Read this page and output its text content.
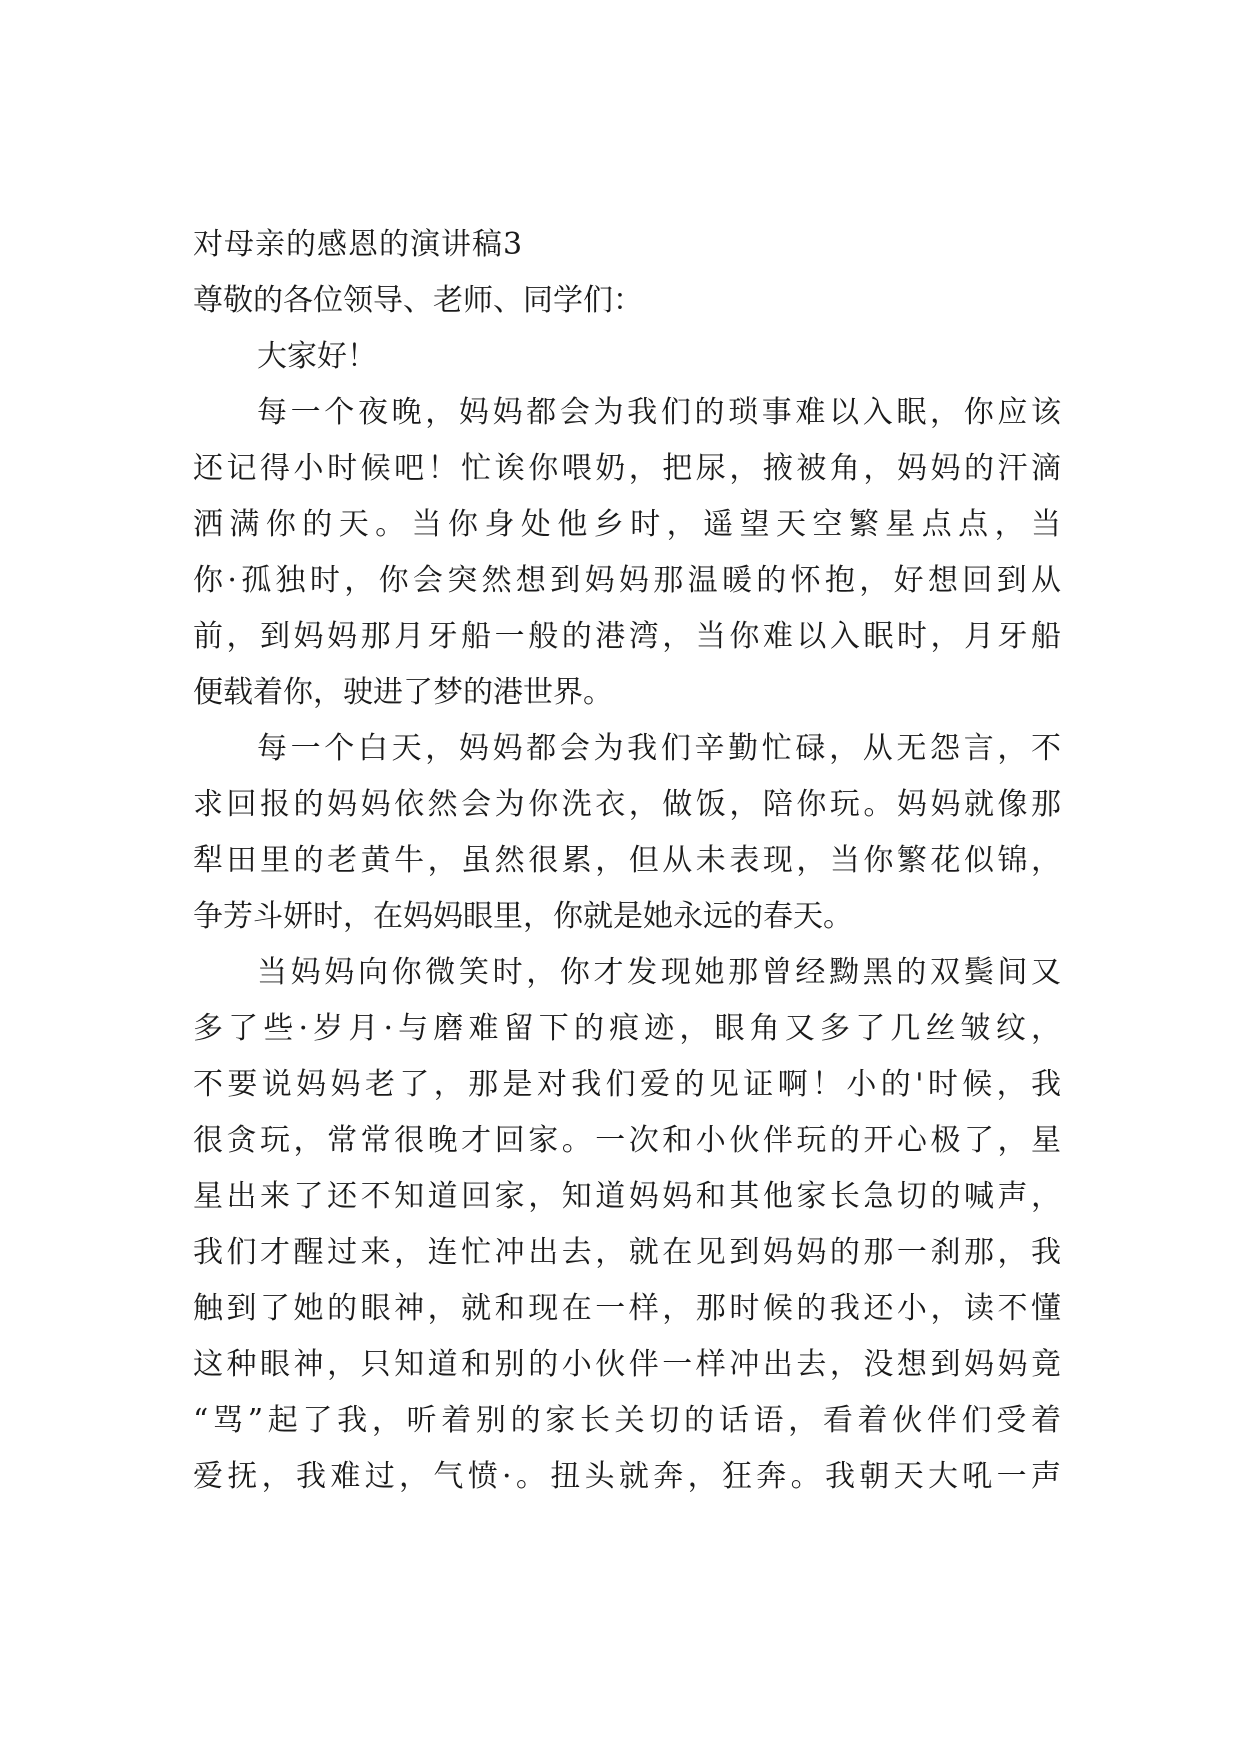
对母亲的感恩的演讲稿3
尊敬的各位领导、老师、同学们：
大家好！
每一个夜晚，妈妈都会为我们的琐事难以入眠，你应该
还记得小时候吧！忙诶你喂奶，把尿，掖被角，妈妈的汗滴
洒满你的天。当你身处他乡时，遥望天空繁星点点，当
你·孤独时，你会突然想到妈妈那温暖的怀抱，好想回到从
前，到妈妈那月牙船一般的港湾，当你难以入眠时，月牙船
便载着你，驶进了梦的港世界。
每一个白天，妈妈都会为我们辛勤忙碌，从无怨言，不
求回报的妈妈依然会为你洗衣，做饭，陪你玩。妈妈就像那
犁田里的老黄牛，虽然很累，但从未表现，当你繁花似锦，
争芳斗妍时，在妈妈眼里，你就是她永远的春天。
当妈妈向你微笑时，你才发现她那曾经黝黑的双鬓间又
多了些·岁月·与磨难留下的痕迹，眼角又多了几丝皱纹，
不要说妈妈老了，那是对我们爱的见证啊！小的'时候，我
很贪玩，常常很晚才回家。一次和小伙伴玩的开心极了，星
星出来了还不知道回家，知道妈妈和其他家长急切的喊声，
我们才醒过来，连忙冲出去，就在见到妈妈的那一刹那，我
触到了她的眼神，就和现在一样，那时候的我还小，读不懂
这种眼神，只知道和别的小伙伴一样冲出去，没想到妈妈竟
“骂”起了我，听着别的家长关切的话语，看着伙伴们受着
爱抚，我难过，气愤·。扭头就奔，狂奔。我朝天大吼一声
